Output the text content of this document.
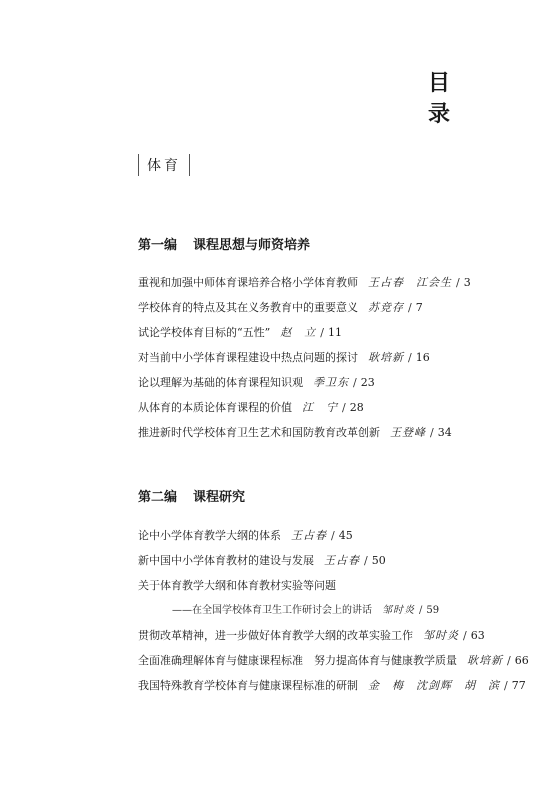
目 录
体育
第一编 课程思想与师资培养
重视和加强中师体育课培养合格小学体育教师 王占春　江会生 / 3
学校体育的特点及其在义务教育中的重要意义 苏竞存 / 7
试论学校体育目标的“五性” 赵　立 / 11
对当前中小学体育课程建设中热点问题的探讨 耿培新 / 16
论以理解为基础的体育课程知识观 季卫东 / 23
从体育的本质论体育课程的价值 江　宁 / 28
推进新时代学校体育卫生艺术和国防教育改革创新 王登峰 / 34
第二编 课程研究
论中小学体育教学大纲的体系 王占春 / 45
新中国中小学体育教材的建设与发展 王占春 / 50
关于体育教学大纲和体育教材实验等问题
——在全国学校体育卫生工作研讨会上的讲话 邹时炎 / 59
贯彻改革精神，进一步做好体育教学大纲的改革实验工作 邹时炎 / 63
全面准确理解体育与健康课程标准　努力提高体育与健康教学质量 耿培新 / 66
我国特殊教育学校体育与健康课程标准的研制 金　梅　沈剑辉　胡　滨 / 77
